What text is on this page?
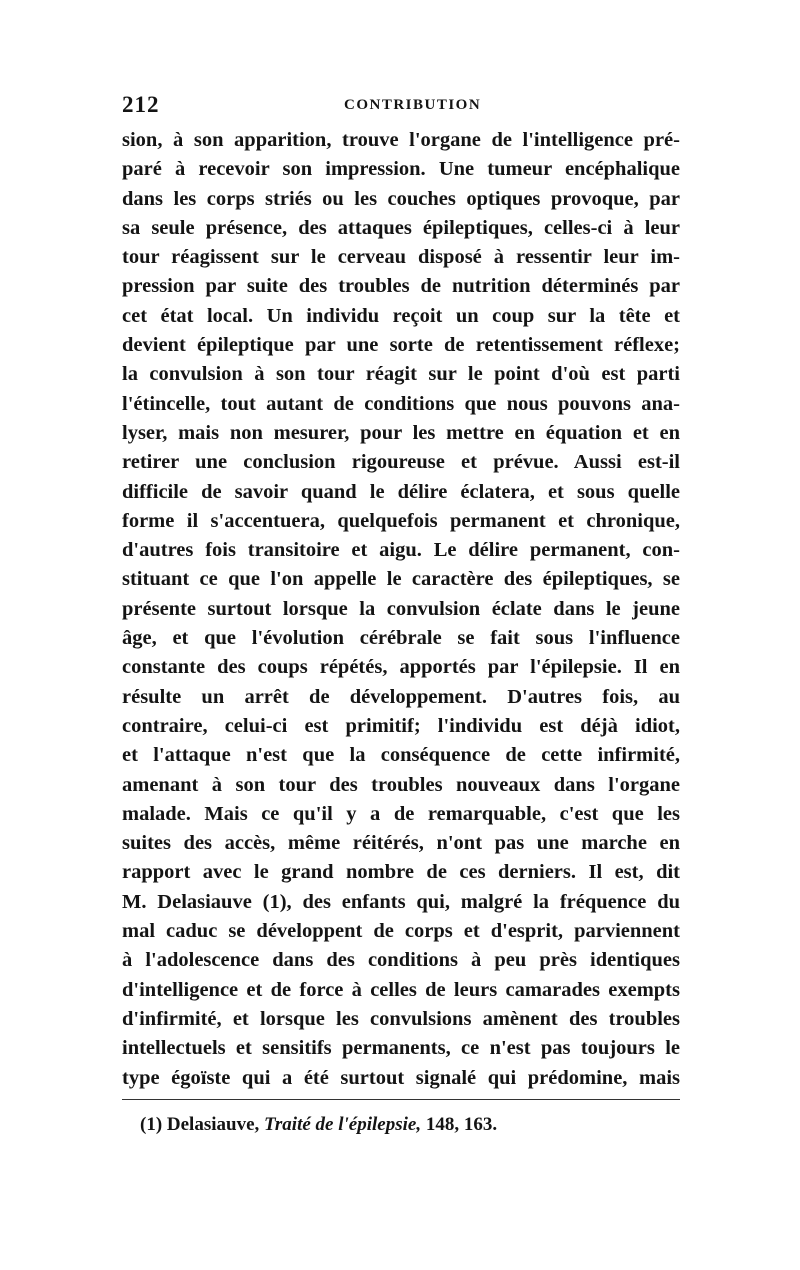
212	CONTRIBUTION
sion, à son apparition, trouve l'organe de l'intelligence pré-
paré à recevoir son impression. Une tumeur encéphalique
dans les corps striés ou les couches optiques provoque, par
sa seule présence, des attaques épileptiques, celles-ci à leur
tour réagissent sur le cerveau disposé à ressentir leur im-
pression par suite des troubles de nutrition déterminés par
cet état local. Un individu reçoit un coup sur la tête et
devient épileptique par une sorte de retentissement réflexe;
la convulsion à son tour réagit sur le point d'où est parti
l'étincelle, tout autant de conditions que nous pouvons ana-
lyser, mais non mesurer, pour les mettre en équation et en
retirer une conclusion rigoureuse et prévue. Aussi est-il
difficile de savoir quand le délire éclatera, et sous quelle
forme il s'accentuera, quelquefois permanent et chronique,
d'autres fois transitoire et aigu. Le délire permanent, con-
stituant ce que l'on appelle le caractère des épileptiques, se
présente surtout lorsque la convulsion éclate dans le jeune
âge, et que l'évolution cérébrale se fait sous l'influence
constante des coups répétés, apportés par l'épilepsie. Il en
résulte un arrêt de développement. D'autres fois, au
contraire, celui-ci est primitif; l'individu est déjà idiot,
et l'attaque n'est que la conséquence de cette infirmité,
amenant à son tour des troubles nouveaux dans l'organe
malade. Mais ce qu'il y a de remarquable, c'est que les
suites des accès, même réitérés, n'ont pas une marche en
rapport avec le grand nombre de ces derniers. Il est, dit
M. Delasiauve (1), des enfants qui, malgré la fréquence du
mal caduc se développent de corps et d'esprit, parviennent
à l'adolescence dans des conditions à peu près identiques
d'intelligence et de force à celles de leurs camarades exempts
d'infirmité, et lorsque les convulsions amènent des troubles
intellectuels et sensitifs permanents, ce n'est pas toujours le
type égoïste qui a été surtout signalé qui prédomine, mais
(1) Delasiauve, Traité de l'épilepsie, 148, 163.
